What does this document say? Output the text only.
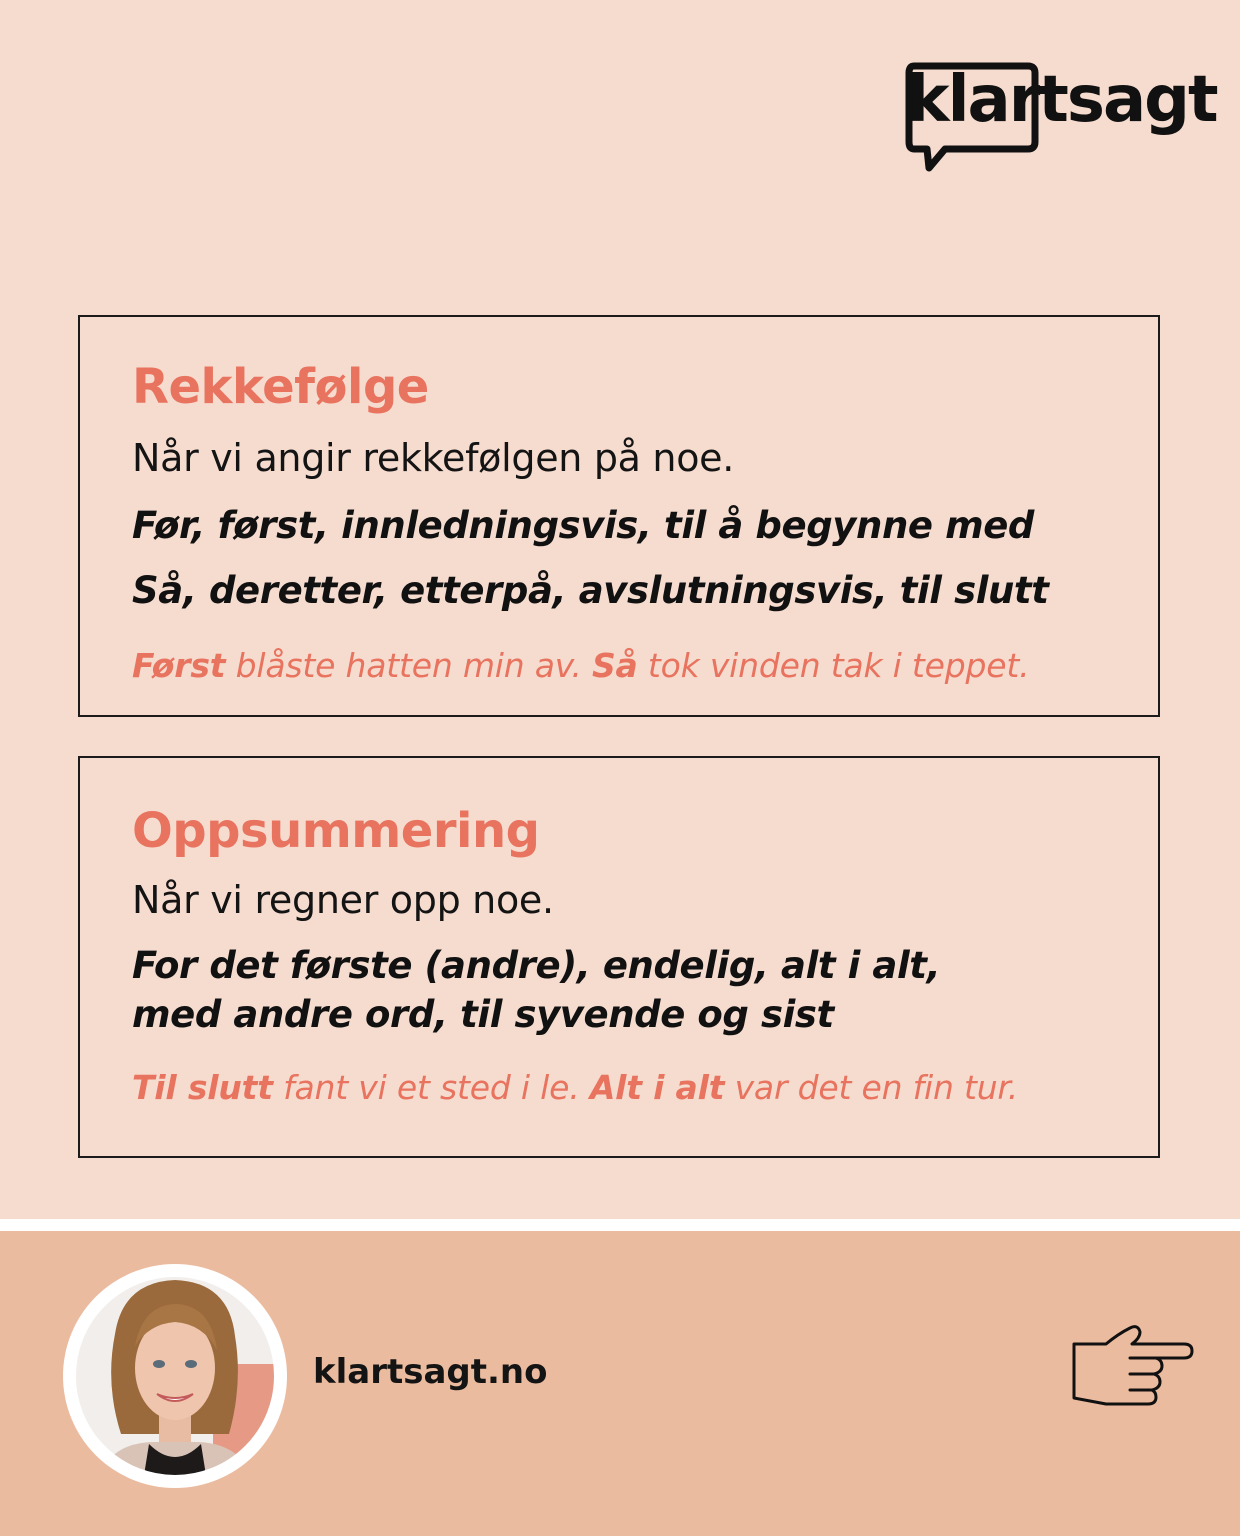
klartsagt
Rekkefølge
Når vi angir rekkefølgen på noe.
Før, først, innledningsvis, til å begynne med
Så, deretter, etterpå, avslutningsvis, til slutt
Først blåste hatten min av. Så tok vinden tak i teppet.
Oppsummering
Når vi regner opp noe.
For det første (andre), endelig, alt i alt,
med andre ord, til syvende og sist
Til slutt fant vi et sted i le. Alt i alt var det en fin tur.
klartsagt.no
